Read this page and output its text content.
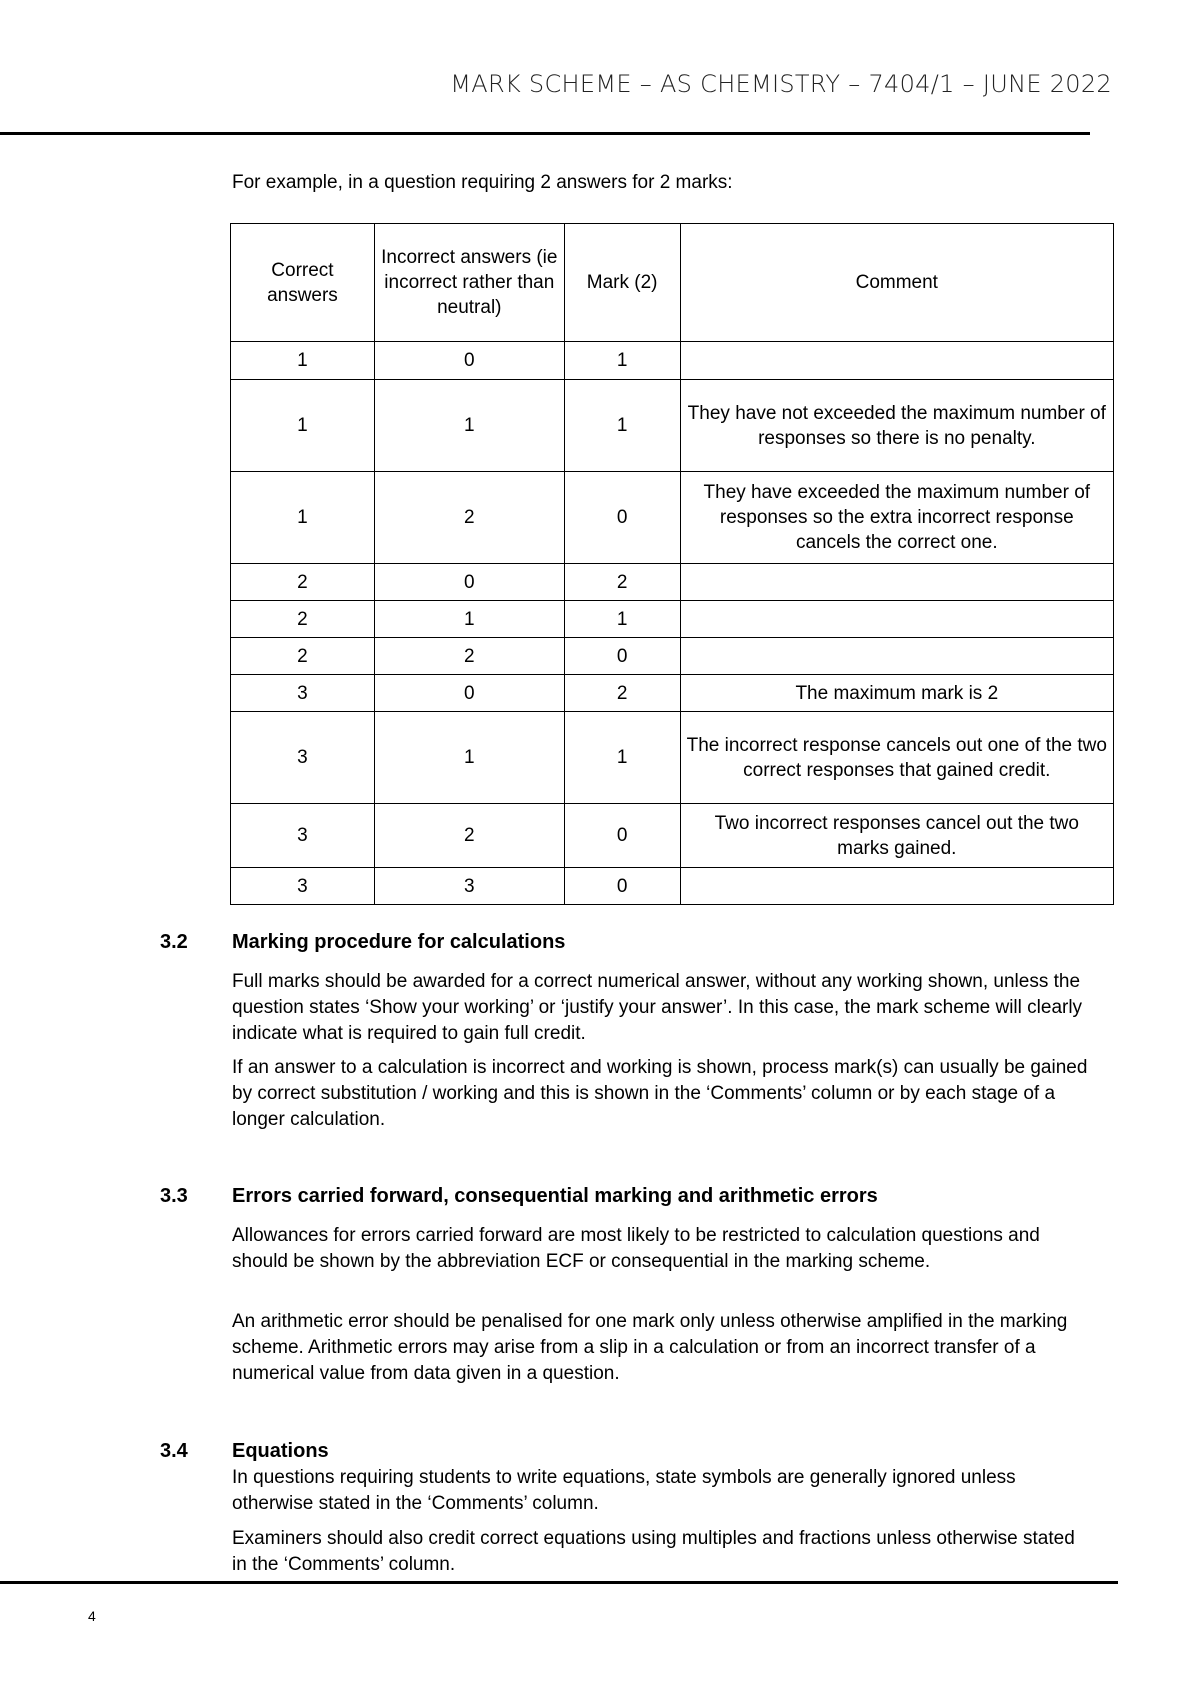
MARK SCHEME – AS CHEMISTRY – 7404/1 – JUNE 2022
For example, in a question requiring 2 answers for 2 marks:
Correct answers	Incorrect answers (ie incorrect rather than neutral)	Mark (2)	Comment
1	0	1	
1	1	1	They have not exceeded the maximum number of responses so there is no penalty.
1	2	0	They have exceeded the maximum number of responses so the extra incorrect response cancels the correct one.
2	0	2	
2	1	1	
2	2	0	
3	0	2	The maximum mark is 2
3	1	1	The incorrect response cancels out one of the two correct responses that gained credit.
3	2	0	Two incorrect responses cancel out the two marks gained.
3	3	0	
3.2 Marking procedure for calculations

Full marks should be awarded for a correct numerical answer, without any working shown, unless the question states ‘Show your working’ or ‘justify your answer’. In this case, the mark scheme will clearly indicate what is required to gain full credit.

If an answer to a calculation is incorrect and working is shown, process mark(s) can usually be gained by correct substitution / working and this is shown in the ‘Comments’ column or by each stage of a longer calculation.

3.3 Errors carried forward, consequential marking and arithmetic errors

Allowances for errors carried forward are most likely to be restricted to calculation questions and should be shown by the abbreviation ECF or consequential in the marking scheme.

An arithmetic error should be penalised for one mark only unless otherwise amplified in the marking scheme. Arithmetic errors may arise from a slip in a calculation or from an incorrect transfer of a numerical value from data given in a question.

3.4 Equations

In questions requiring students to write equations, state symbols are generally ignored unless otherwise stated in the ‘Comments’ column.

Examiners should also credit correct equations using multiples and fractions unless otherwise stated in the ‘Comments’ column.

4
